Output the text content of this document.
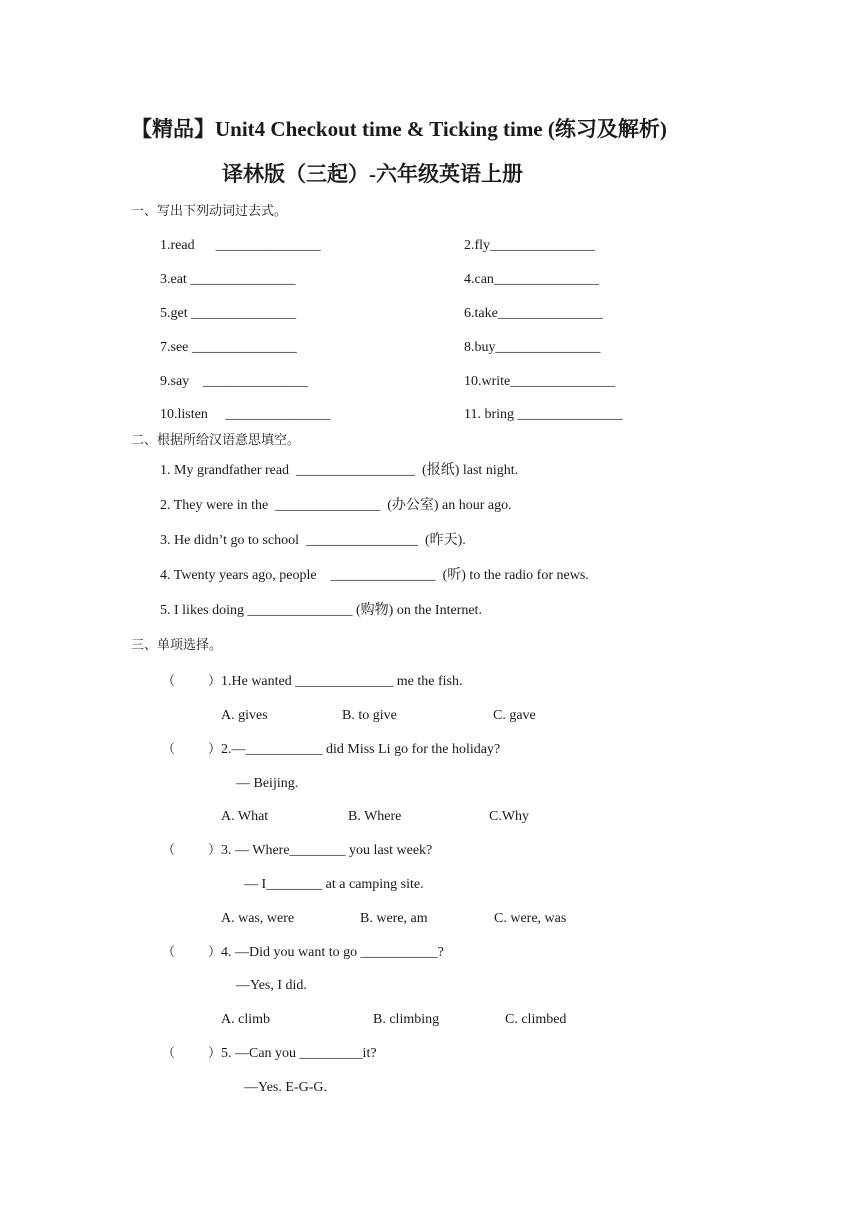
【精品】Unit4 Checkout time & Ticking time (练习及解析)
译林版（三起）-六年级英语上册
一、写出下列动词过去式。
1.read      _______________	2.fly_______________
3.eat _______________	4.can_______________
5.get _______________	6.take_______________
7.see _______________	8.buy_______________
9.say    _______________	10.write_______________
10.listen     _______________	11. bring _______________
二、根据所给汉语意思填空。
1. My grandfather read  _________________  (报纸) last night.
2. They were in the  _______________  (办公室) an hour ago.
3. He didn’t go to school  ________________  (昨天).
4. Twenty years ago, people    _______________  (听) to the radio for news.
5. I likes doing _______________ (购物) on the Internet.
三、单项选择。
（        ） 1.He wanted ______________ me the fish.
A. gives	B. to give	C. gave
（        ） 2.—___________ did Miss Li go for the holiday?
— Beijing.
A. What	B. Where	C.Why
（        ） 3. — Where________ you last week?
— I________ at a camping site.
A. was, were	B. were, am	C. were, was
（        ） 4. —Did you want to go ___________?
—Yes, I did.
A. climb	B. climbing	C. climbed
（        ） 5. —Can you _________it?
—Yes. E-G-G.
